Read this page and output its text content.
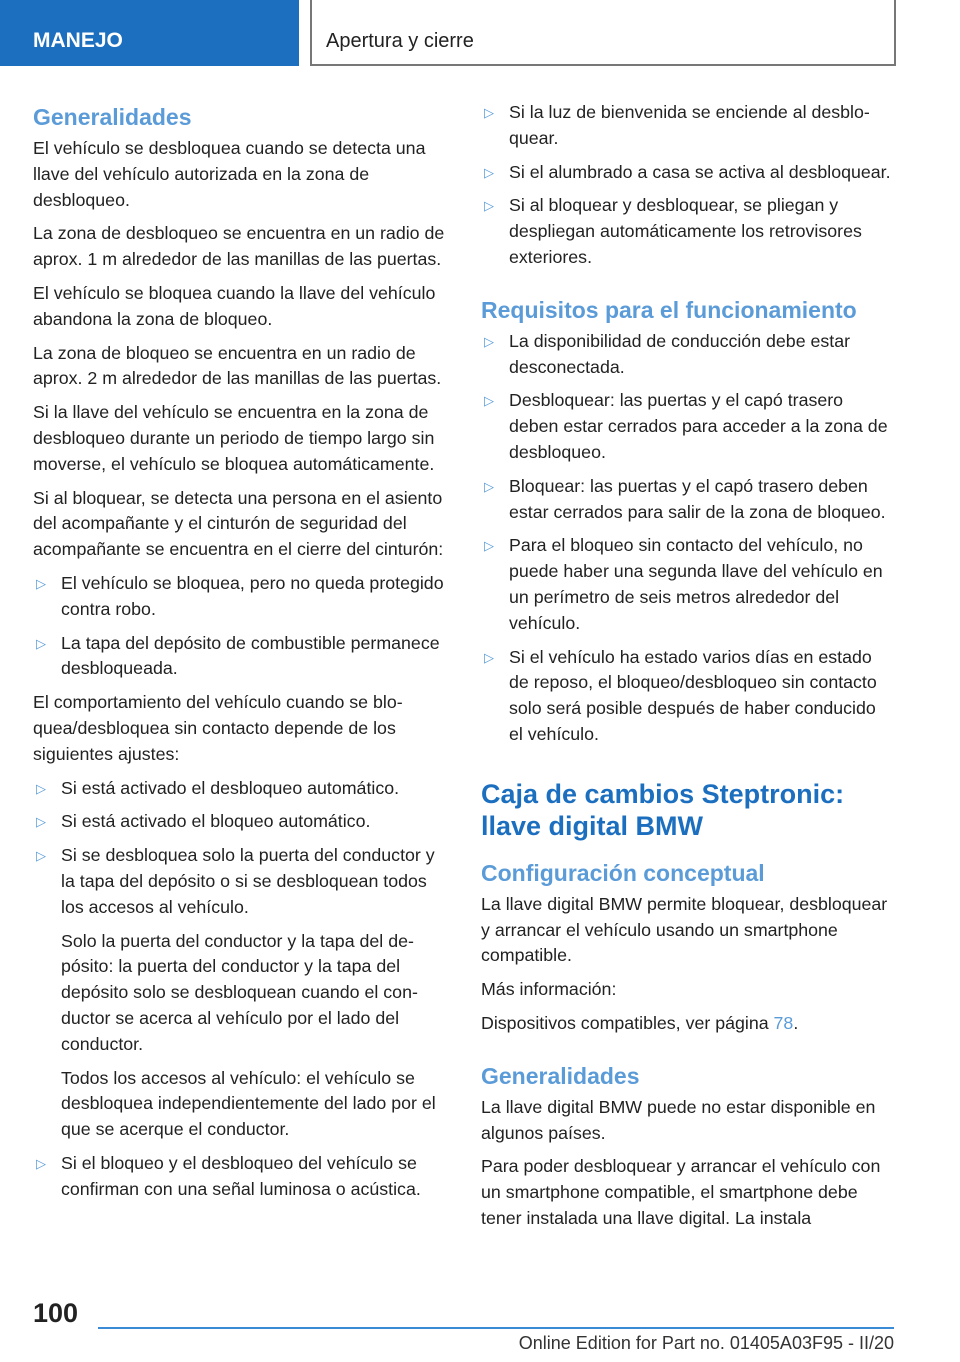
MANEJO	Apertura y cierre
Generalidades

El vehículo se desbloquea cuando se detecta una llave del vehículo autorizada en la zona de desbloqueo.

La zona de desbloqueo se encuentra en un radio de aprox. 1 m alrededor de las manillas de las puertas.

El vehículo se bloquea cuando la llave del vehículo abandona la zona de bloqueo.

La zona de bloqueo se encuentra en un radio de aprox. 2 m alrededor de las manillas de las puertas.

Si la llave del vehículo se encuentra en la zona de desbloqueo durante un periodo de tiempo largo sin moverse, el vehículo se bloquea automáticamente.

Si al bloquear, se detecta una persona en el asiento del acompañante y el cinturón de seguridad del acompañante se encuentra en el cierre del cinturón:

▷ El vehículo se bloquea, pero no queda protegido contra robo.
▷ La tapa del depósito de combustible permanece desbloqueada.

El comportamiento del vehículo cuando se bloquea/desbloquea sin contacto depende de los siguientes ajustes:

▷ Si está activado el desbloqueo automático.
▷ Si está activado el bloqueo automático.
▷ Si se desbloquea solo la puerta del conductor y la tapa del depósito o si se desbloquean todos los accesos al vehículo.

Solo la puerta del conductor y la tapa del depósito: la puerta del conductor y la tapa del depósito solo se desbloquean cuando el conductor se acerca al vehículo por el lado del conductor.

Todos los accesos al vehículo: el vehículo se desbloquea independientemente del lado por el que se acerque el conductor.

▷ Si el bloqueo y el desbloqueo del vehículo se confirman con una señal luminosa o acústica.
▷ Si la luz de bienvenida se enciende al desbloquear.
▷ Si el alumbrado a casa se activa al desbloquear.
▷ Si al bloquear y desbloquear, se pliegan y despliegan automáticamente los retrovisores exteriores.
Requisitos para el funcionamiento
▷ La disponibilidad de conducción debe estar desconectada.
▷ Desbloquear: las puertas y el capó trasero deben estar cerrados para acceder a la zona de desbloqueo.
▷ Bloquear: las puertas y el capó trasero deben estar cerrados para salir de la zona de bloqueo.
▷ Para el bloqueo sin contacto del vehículo, no puede haber una segunda llave del vehículo en un perímetro de seis metros alrededor del vehículo.
▷ Si el vehículo ha estado varios días en estado de reposo, el bloqueo/desbloqueo sin contacto solo será posible después de haber conducido el vehículo.
Caja de cambios Steptronic: llave digital BMW
Configuración conceptual

La llave digital BMW permite bloquear, desbloquear y arrancar el vehículo usando un smartphone compatible.

Más información:

Dispositivos compatibles, ver página 78.

Generalidades

La llave digital BMW puede no estar disponible en algunos países.

Para poder desbloquear y arrancar el vehículo con un smartphone compatible, el smartphone debe tener instalada una llave digital. La instala

100
Online Edition for Part no. 01405A03F95 - II/20
